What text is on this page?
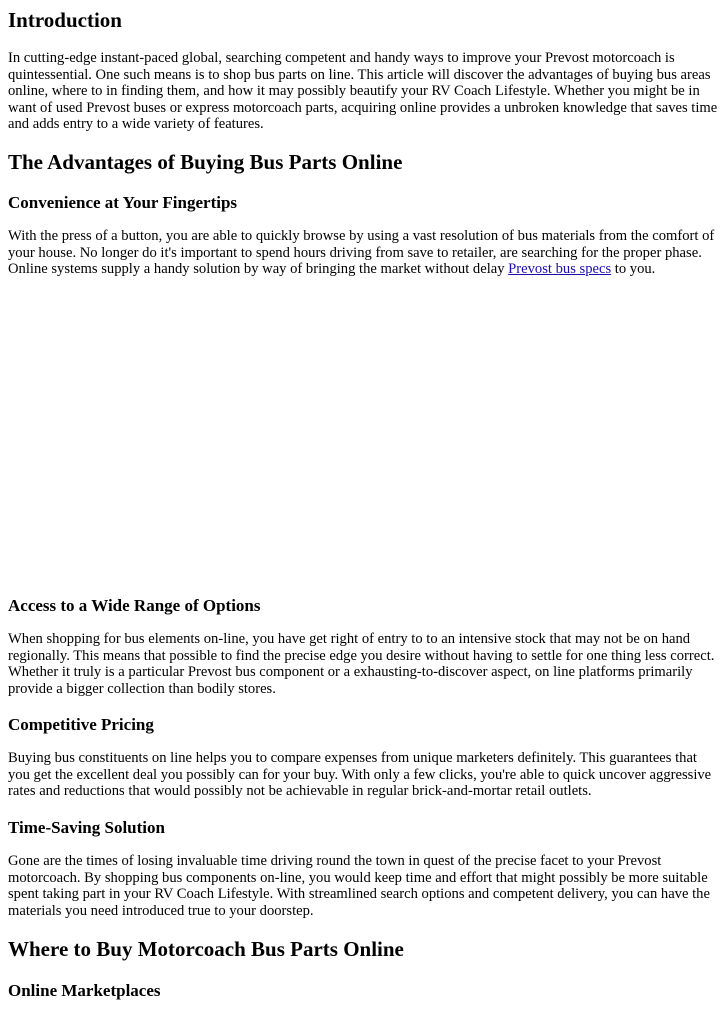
Introduction

In cutting-edge instant-paced global, searching competent and handy ways to improve your Prevost motorcoach is quintessential. One such means is to shop bus parts on line. This article will discover the advantages of buying bus areas online, where to in finding them, and how it may possibly beautify your RV Coach Lifestyle. Whether you might be in want of used Prevost buses or express motorcoach parts, acquiring online provides a unbroken knowledge that saves time and adds entry to a wide variety of features.

The Advantages of Buying Bus Parts Online
Convenience at Your Fingertips

With the press of a button, you are able to quickly browse by using a vast resolution of bus materials from the comfort of your house. No longer do it's important to spend hours driving from save to retailer, are searching for the proper phase. Online systems supply a handy solution by way of bringing the market without delay Prevost bus specs to you.

Access to a Wide Range of Options

When shopping for bus elements on-line, you have get right of entry to to an intensive stock that may not be on hand regionally. This means that possible to find the precise edge you desire without having to settle for one thing less correct. Whether it truly is a particular Prevost bus component or a exhausting-to-discover aspect, on line platforms primarily provide a bigger collection than bodily stores.

Competitive Pricing

Buying bus constituents on line helps you to compare expenses from unique marketers definitely. This guarantees that you get the excellent deal you possibly can for your buy. With only a few clicks, you're able to quick uncover aggressive rates and reductions that would possibly not be achievable in regular brick-and-mortar retail outlets.

Time-Saving Solution

Gone are the times of losing invaluable time driving round the town in quest of the precise facet to your Prevost motorcoach. By shopping bus components on-line, you would keep time and effort that might possibly be more suitable spent taking part in your RV Coach Lifestyle. With streamlined search options and competent delivery, you can have the materials you need introduced true to your doorstep.

Where to Buy Motorcoach Bus Parts Online
Online Marketplaces
